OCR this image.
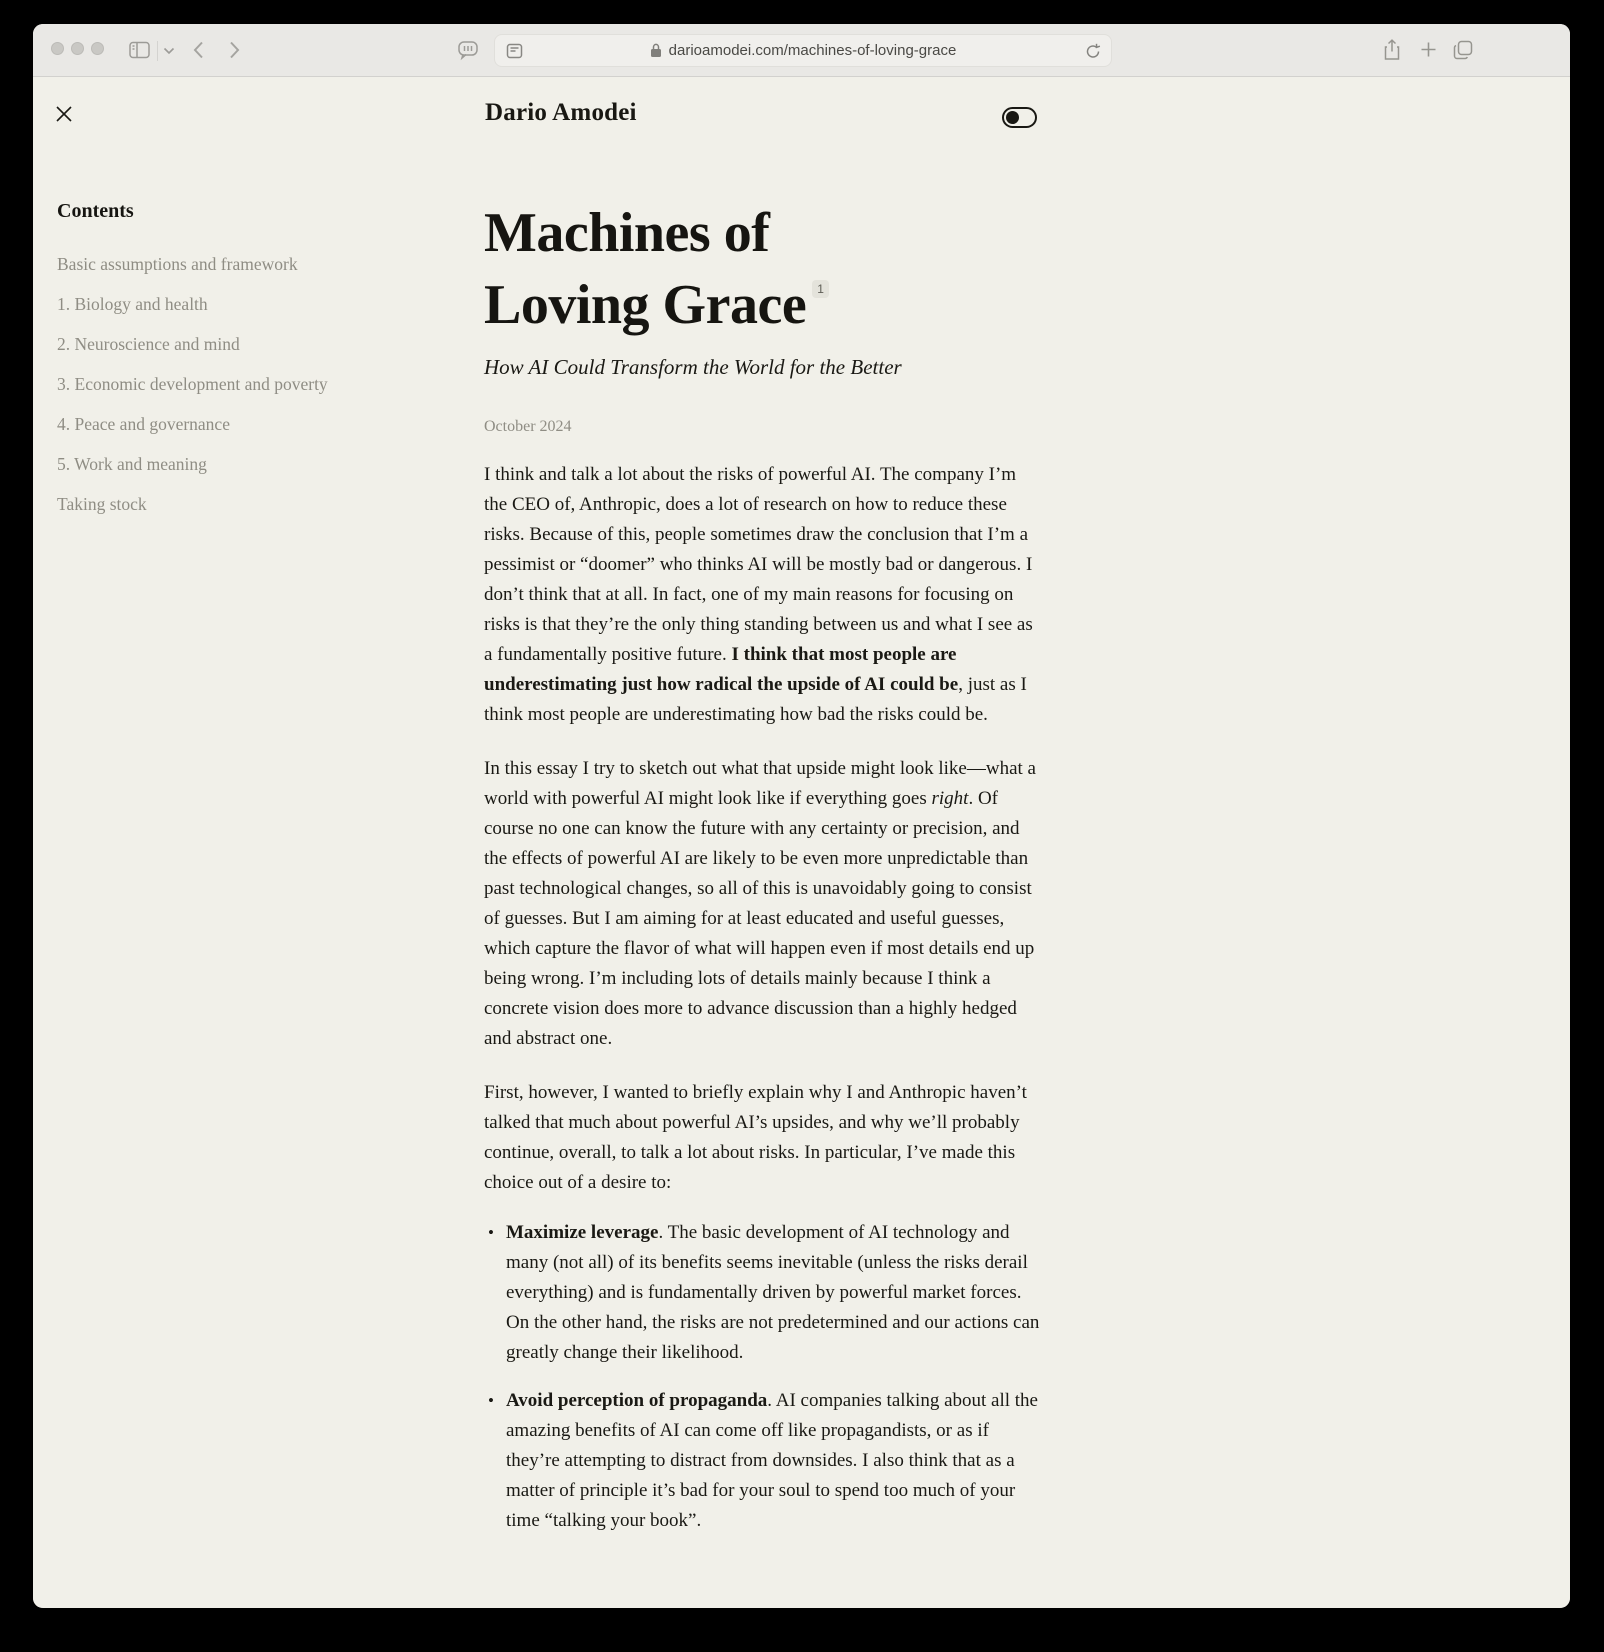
darioamodei.com/machines-of-loving-grace
Dario Amodei
Contents
Basic assumptions and framework
1. Biology and health
2. Neuroscience and mind
3. Economic development and poverty
4. Peace and governance
5. Work and meaning
Taking stock
Machines of
Loving Grace 1
How AI Could Transform the World for the Better
October 2024

I think and talk a lot about the risks of powerful AI. The company I’m the CEO of, Anthropic, does a lot of research on how to reduce these risks. Because of this, people sometimes draw the conclusion that I’m a pessimist or “doomer” who thinks AI will be mostly bad or dangerous. I don’t think that at all. In fact, one of my main reasons for focusing on risks is that they’re the only thing standing between us and what I see as a fundamentally positive future. I think that most people are underestimating just how radical the upside of AI could be, just as I think most people are underestimating how bad the risks could be.

In this essay I try to sketch out what that upside might look like—what a world with powerful AI might look like if everything goes right. Of course no one can know the future with any certainty or precision, and the effects of powerful AI are likely to be even more unpredictable than past technological changes, so all of this is unavoidably going to consist of guesses. But I am aiming for at least educated and useful guesses, which capture the flavor of what will happen even if most details end up being wrong. I’m including lots of details mainly because I think a concrete vision does more to advance discussion than a highly hedged and abstract one.

First, however, I wanted to briefly explain why I and Anthropic haven’t talked that much about powerful AI’s upsides, and why we’ll probably continue, overall, to talk a lot about risks. In particular, I’ve made this choice out of a desire to:

• Maximize leverage. The basic development of AI technology and many (not all) of its benefits seems inevitable (unless the risks derail everything) and is fundamentally driven by powerful market forces. On the other hand, the risks are not predetermined and our actions can greatly change their likelihood.
• Avoid perception of propaganda. AI companies talking about all the amazing benefits of AI can come off like propagandists, or as if they’re attempting to distract from downsides. I also think that as a matter of principle it’s bad for your soul to spend too much of your time “talking your book”.
